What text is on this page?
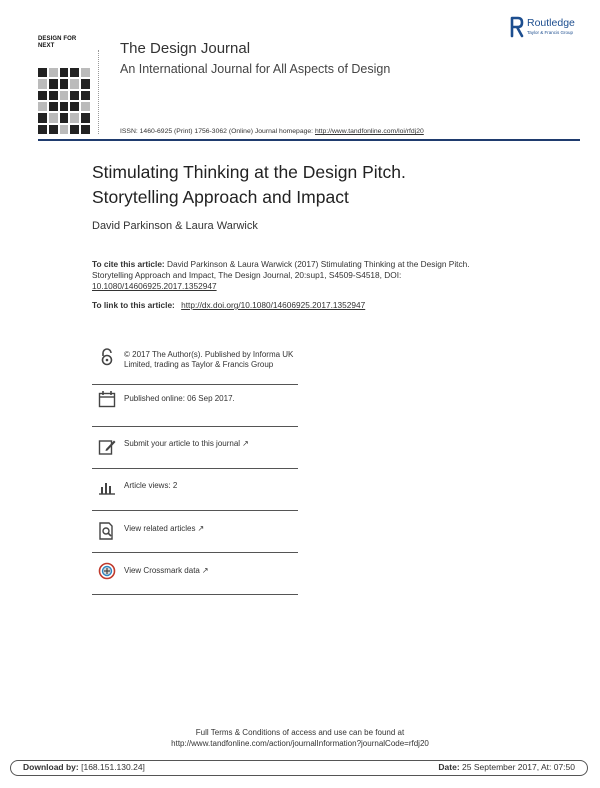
DESIGN FOR NEXT	The Design Journal
An International Journal for All Aspects of Design
Routledge
Taylor & Francis Group
ISSN: 1460-6925 (Print) 1756-3062 (Online) Journal homepage: http://www.tandfonline.com/loi/rfdj20
Stimulating Thinking at the Design Pitch.
Storytelling Approach and Impact
David Parkinson & Laura Warwick
To cite this article: David Parkinson & Laura Warwick (2017) Stimulating Thinking at the Design Pitch. Storytelling Approach and Impact, The Design Journal, 20:sup1, S4509-S4518, DOI: 10.1080/14606925.2017.1352947
To link to this article: http://dx.doi.org/10.1080/14606925.2017.1352947
© 2017 The Author(s). Published by Informa UK Limited, trading as Taylor & Francis Group
Published online: 06 Sep 2017.
Submit your article to this journal ↗
Article views: 2
View related articles ↗
View Crossmark data ↗
Full Terms & Conditions of access and use can be found at
http://www.tandfonline.com/action/journalInformation?journalCode=rfdj20
Download by: [168.151.130.24]	Date: 25 September 2017, At: 07:50
